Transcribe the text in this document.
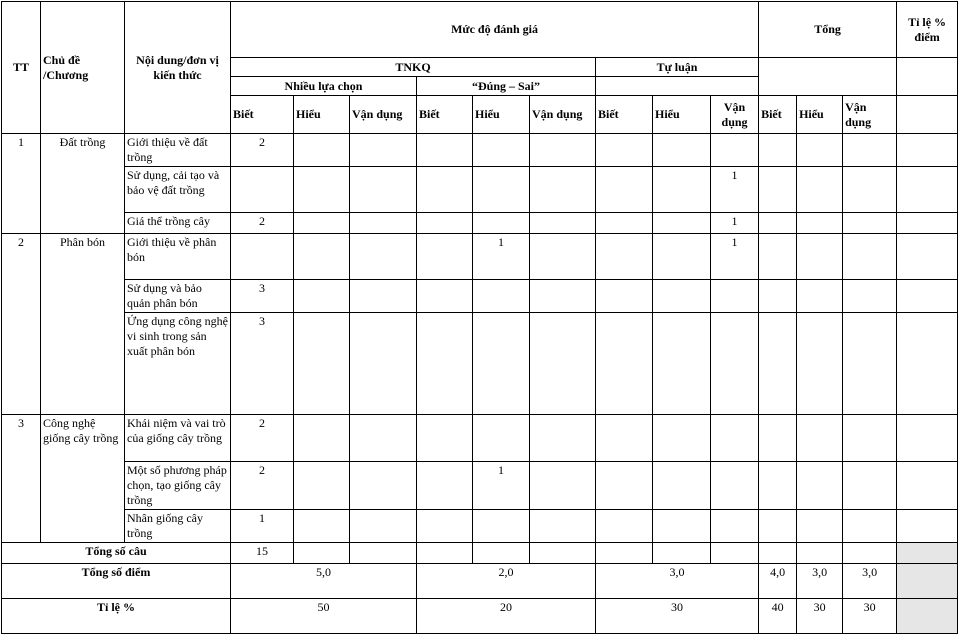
TT	Chủ đề /Chương	Nội dung/đơn vị kiến thức	Mức độ đánh giá									Tổng			Tỉ lệ % điểm
			TNKQ						Tự luận						
			Nhiều lựa chọn			“Đúng – Sai”									
			Biết	Hiểu	Vận dụng	Biết	Hiểu	Vận dụng	Biết	Hiểu	Vận dụng	Biết	Hiểu	Vận dụng	
1	Đất trồng	Giới thiệu về đất trồng	2												
		Sử dụng, cải tạo và bảo vệ đất trồng									1				
		Giá thể trồng cây	2								1				
2	Phân bón	Giới thiệu về phân bón					1				1				
		Sử dụng và bảo quản phân bón	3												
		Ứng dụng công nghệ vi sinh trong sản xuất phân bón	3												
3	Công nghệ giống cây trồng	Khái niệm và vai trò của giống cây trồng	2												
		Một số phương pháp chọn, tạo giống cây trồng	2				1								
		Nhân giống cây trồng	1												
Tổng số câu			15												
Tổng số điểm			5,0			2,0			3,0			4,0	3,0	3,0	
Tỉ lệ %			50			20			30			40	30	30	
